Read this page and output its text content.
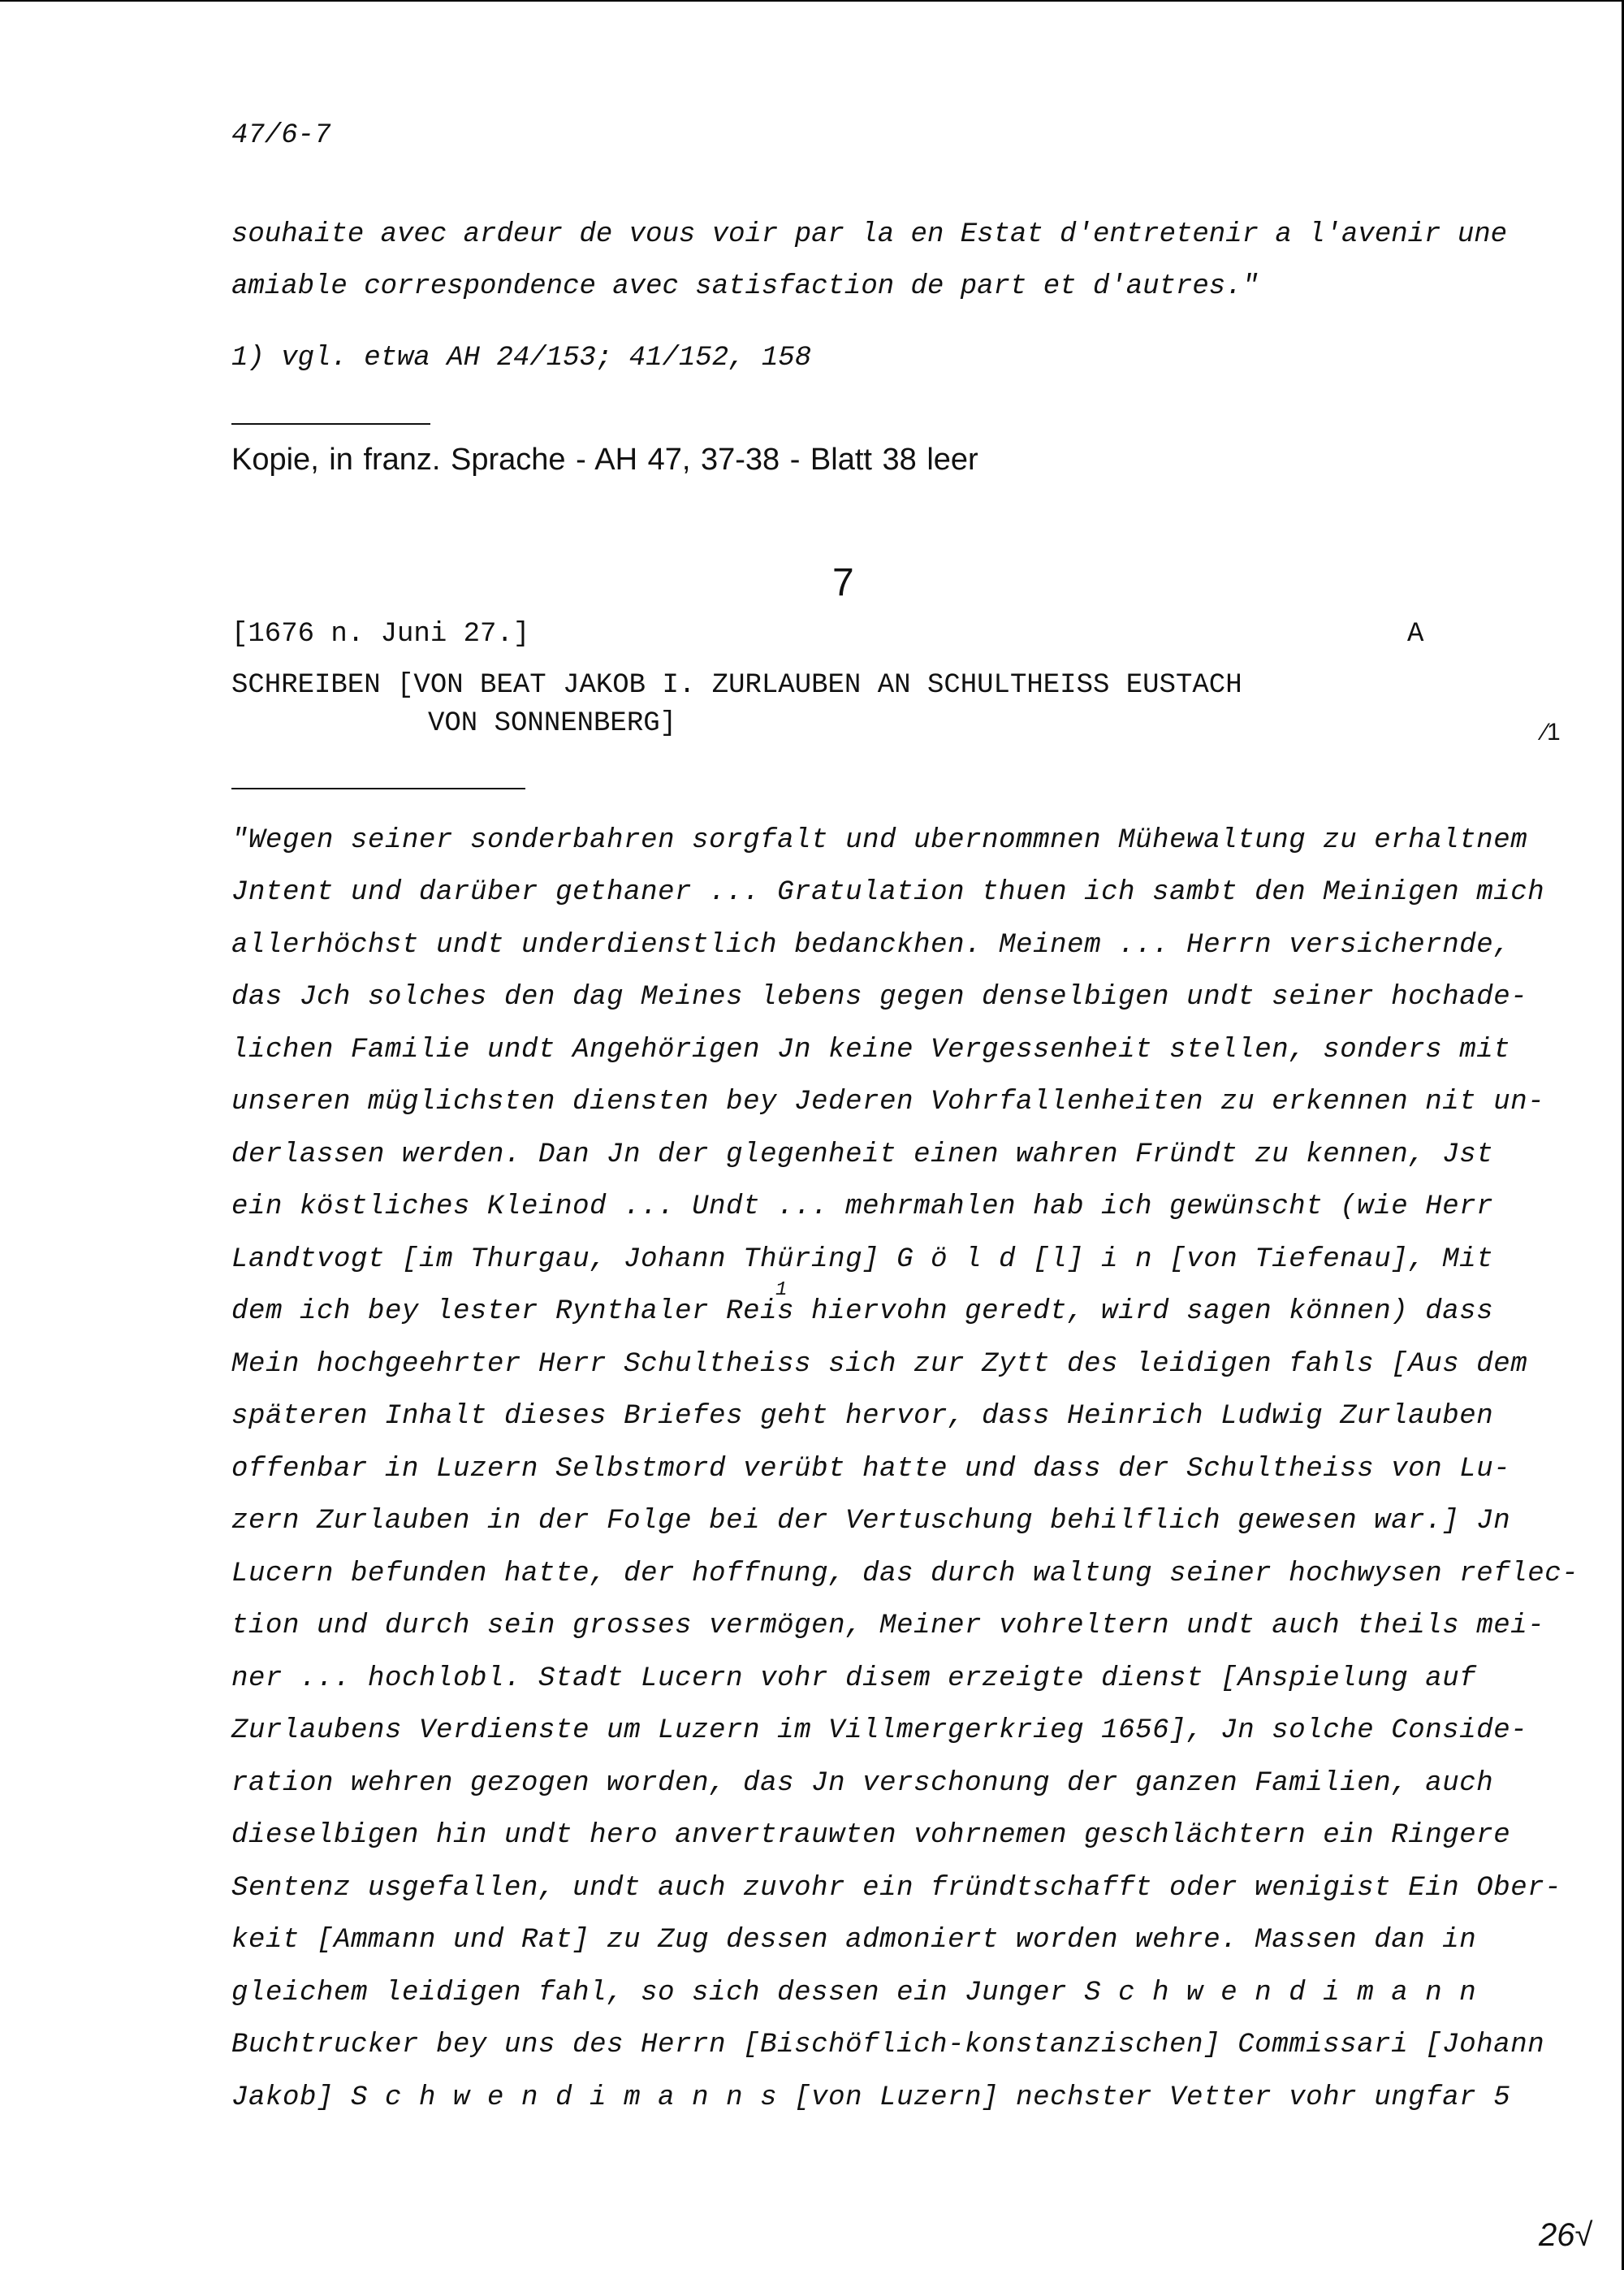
47/6-7
souhaite avec ardeur de vous voir par la en Estat d'entretenir a l'avenir une
amiable correspondence avec satisfaction de part et d'autres."
1) vgl. etwa AH 24/153; 41/152, 158
Kopie, in franz. Sprache - AH 47, 37-38 - Blatt 38 leer
7
[1676 n. Juni 27.]	A
SCHREIBEN [VON BEAT JAKOB I. ZURLAUBEN AN SCHULTHEISS EUSTACH
VON SONNENBERG]	⁄1
"Wegen seiner sonderbahren sorgfalt und ubernommnen Mühewaltung zu erhaltnem
Jntent und darüber gethaner ... Gratulation thuen ich sambt den Meinigen mich
allerhöchst undt underdienstlich bedanckhen. Meinem ... Herrn versichernde,
das Jch solches den dag Meines lebens gegen denselbigen undt seiner hochade-
lichen Familie undt Angehörigen Jn keine Vergessenheit stellen, sonders mit
unseren müglichsten diensten bey Jederen Vohrfallenheiten zu erkennen nit un-
derlassen werden. Dan Jn der glegenheit einen wahren Fründt zu kennen, Jst
ein köstliches Kleinod ... Undt ... mehrmahlen hab ich gewünscht (wie Herr
Landtvogt [im Thurgau, Johann Thüring] G ö l d [l] i n [von Tiefenau], Mit
dem ich bey lester Rynthaler Reis hiervohn geredt, wird sagen können) dass
Mein hochgeehrter Herr Schultheiss sich zur Zytt des leidigen fahls [Aus dem
späteren Inhalt dieses Briefes geht hervor, dass Heinrich Ludwig Zurlauben
offenbar in Luzern Selbstmord verübt hatte und dass der Schultheiss von Lu-
zern Zurlauben in der Folge bei der Vertuschung behilflich gewesen war.] Jn
Lucern befunden hatte, der hoffnung, das durch waltung seiner hochwysen reflec-
tion und durch sein grosses vermögen, Meiner vohreltern undt auch theils mei-
ner ... hochlobl. Stadt Lucern vohr disem erzeigte dienst [Anspielung auf
Zurlaubens Verdienste um Luzern im Villmergerkrieg 1656], Jn solche Conside-
ration wehren gezogen worden, das Jn verschonung der ganzen Familien, auch
dieselbigen hin undt hero anvertrauwten vohrnemen geschlächtern ein Ringere
Sentenz usgefallen, undt auch zuvohr ein fründtschafft oder wenigist Ein Ober-
keit [Ammann und Rat] zu Zug dessen admoniert worden wehre. Massen dan in
gleichem leidigen fahl, so sich dessen ein Junger S c h w e n d i m a n n
Buchtrucker bey uns des Herrn [Bischöflich-konstanzischen] Commissari [Johann
Jakob] S c h w e n d i m a n n s [von Luzern] nechster Vetter vohr ungfar 5
1
26√
